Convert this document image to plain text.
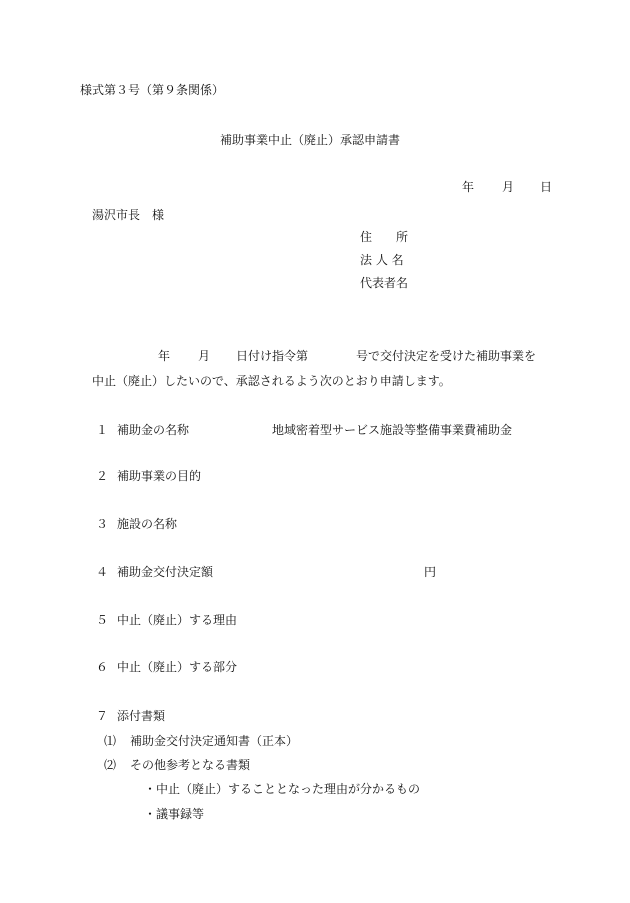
様式第３号（第９条関係）
補助事業中止（廃止）承認申請書
年 月 日
湯沢市長　様
住　　所
法 人 名
代表者名
年 月 日付け指令第	号で交付決定を受けた補助事業を
中止（廃止）したいので、承認されるよう次のとおり申請します。
１ 補助金の名称	地域密着型サービス施設等整備事業費補助金
２ 補助事業の目的
３ 施設の名称
４ 補助金交付決定額	円
５ 中止（廃止）する理由
６ 中止（廃止）する部分
７ 添付書類
⑴ 補助金交付決定通知書（正本）
⑵ その他参考となる書類
・中止（廃止）することとなった理由が分かるもの
・議事録等
